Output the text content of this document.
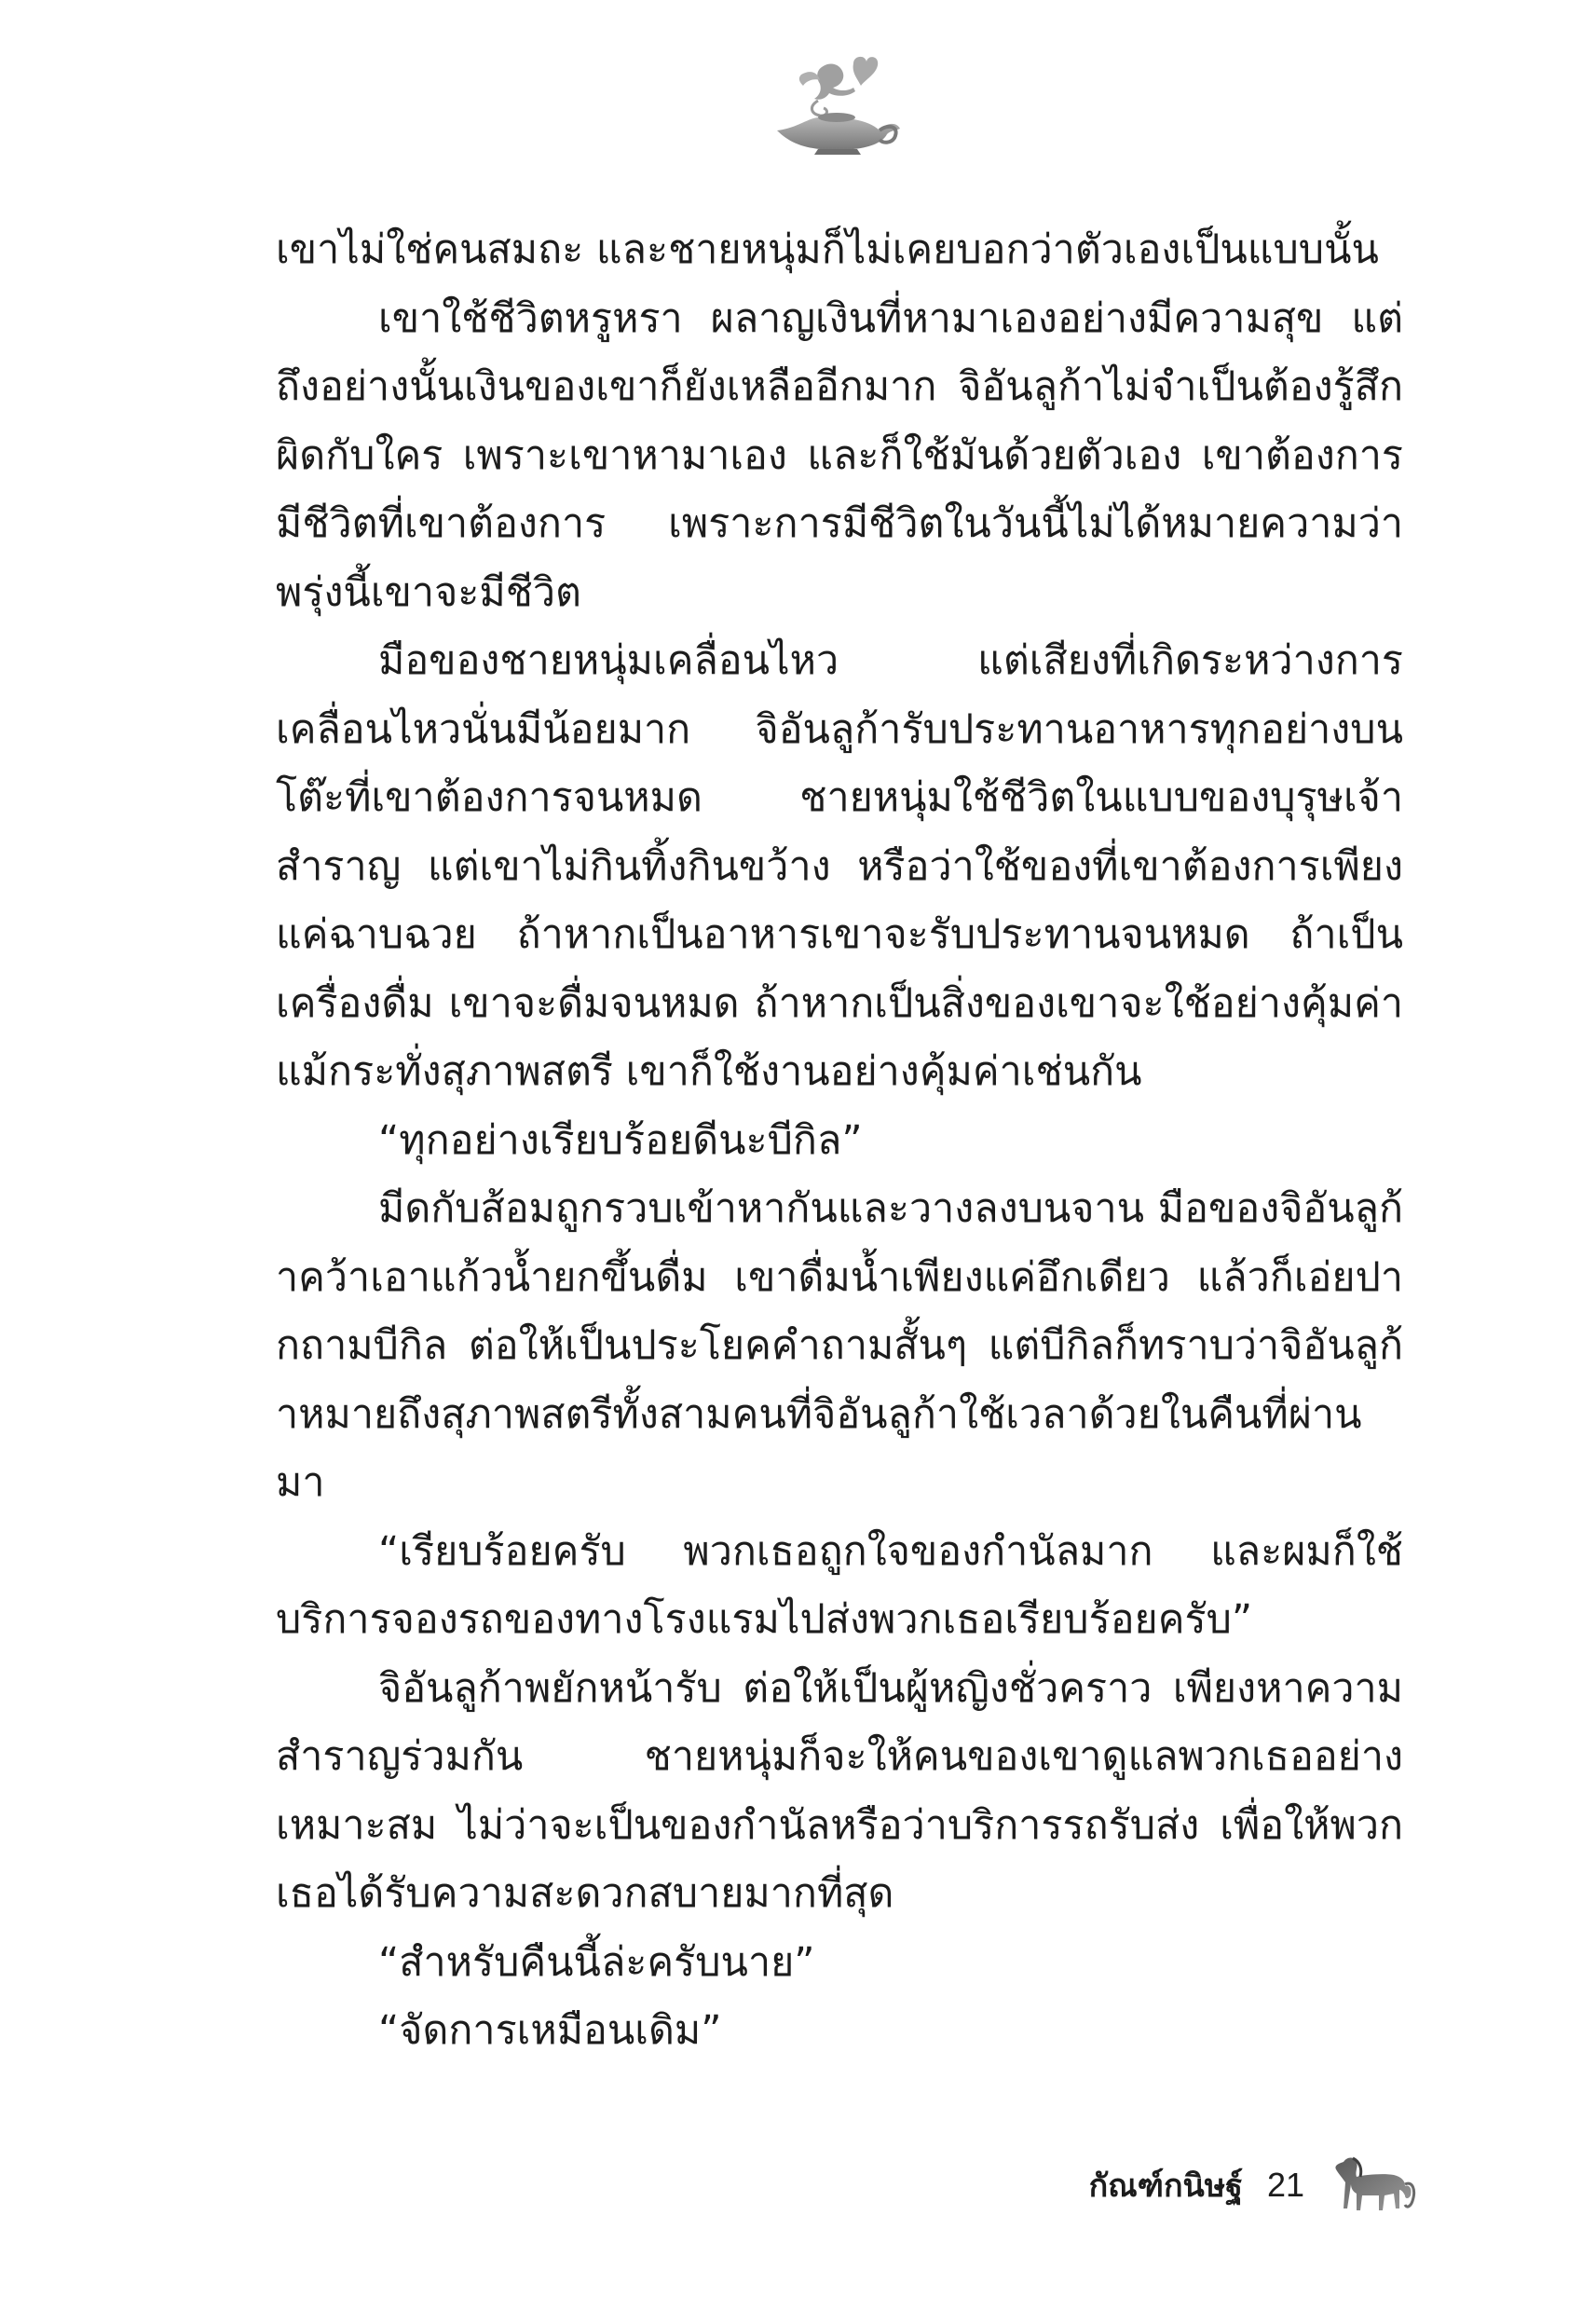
เขาไม่ใช่คนสมถะ และชายหนุ่มก็ไม่เคยบอกว่าตัวเองเป็นแบบนั้น

เขาใช้ชีวิตหรูหรา ผลาญเงินที่หามาเองอย่างมีความสุข แต่ถึงอย่างนั้นเงินของเขาก็ยังเหลืออีกมาก จิอันลูก้าไม่จำเป็นต้องรู้สึกผิดกับใคร เพราะเขาหามาเอง และก็ใช้มันด้วยตัวเอง เขาต้องการมีชีวิตที่เขาต้องการ เพราะการมีชีวิตในวันนี้ไม่ได้หมายความว่าพรุ่งนี้เขาจะมีชีวิต

มือของชายหนุ่มเคลื่อนไหว แต่เสียงที่เกิดระหว่างการเคลื่อนไหวนั่นมีน้อยมาก จิอันลูก้ารับประทานอาหารทุกอย่างบนโต๊ะที่เขาต้องการจนหมด ชายหนุ่มใช้ชีวิตในแบบของบุรุษเจ้าสำราญ แต่เขาไม่กินทิ้งกินขว้าง หรือว่าใช้ของที่เขาต้องการเพียงแค่ฉาบฉวย ถ้าหากเป็นอาหารเขาจะรับประทานจนหมด ถ้าเป็นเครื่องดื่ม เขาจะดื่มจนหมด ถ้าหากเป็นสิ่งของเขาจะใช้อย่างคุ้มค่า แม้กระทั่งสุภาพสตรี เขาก็ใช้งานอย่างคุ้มค่าเช่นกัน

“ทุกอย่างเรียบร้อยดีนะบีกิล”

มีดกับส้อมถูกรวบเข้าหากันและวางลงบนจาน มือของจิอันลูก้าคว้าเอาแก้วน้ำยกขึ้นดื่ม เขาดื่มน้ำเพียงแค่อึกเดียว แล้วก็เอ่ยปากถามบีกิล ต่อให้เป็นประโยคคำถามสั้นๆ แต่บีกิลก็ทราบว่าจิอันลูก้าหมายถึงสุภาพสตรีทั้งสามคนที่จิอันลูก้าใช้เวลาด้วยในคืนที่ผ่านมา

“เรียบร้อยครับ พวกเธอถูกใจของกำนัลมาก และผมก็ใช้บริการจองรถของทางโรงแรมไปส่งพวกเธอเรียบร้อยครับ”

จิอันลูก้าพยักหน้ารับ ต่อให้เป็นผู้หญิงชั่วคราว เพียงหาความสำราญร่วมกัน ชายหนุ่มก็จะให้คนของเขาดูแลพวกเธออย่างเหมาะสม ไม่ว่าจะเป็นของกำนัลหรือว่าบริการรถรับส่ง เพื่อให้พวกเธอได้รับความสะดวกสบายมากที่สุด

“สำหรับคืนนี้ล่ะครับนาย”

“จัดการเหมือนเดิม”

กัณฑ์กนิษฐ์ 21
